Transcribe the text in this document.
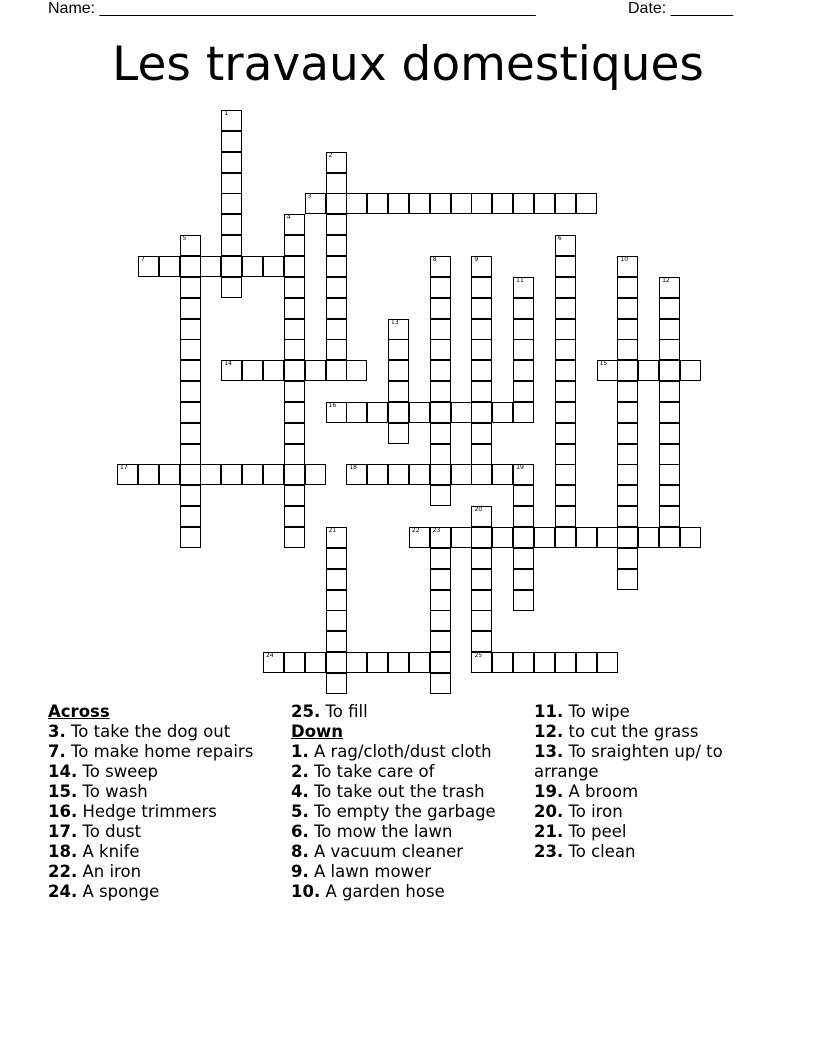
Name: _________________________________________________	Date: _______
Les travaux domestiques
1
2
3
4
5	6
7	8	9	10
11	12
13
14	15
16
17	18	19
20
25
21	22 23
24
Across
3. To take the dog out
7. To make home repairs
14. To sweep
15. To wash
16. Hedge trimmers
17. To dust
18. A knife
22. An iron
24. A sponge
25. To fill
Down
1. A rag/cloth/dust cloth
2. To take care of
4. To take out the trash
5. To empty the garbage
6. To mow the lawn
8. A vacuum cleaner
9. A lawn mower
10. A garden hose
11. To wipe
12. to cut the grass
13. To sraighten up/ to arrange
19. A broom
20. To iron
21. To peel
23. To clean
